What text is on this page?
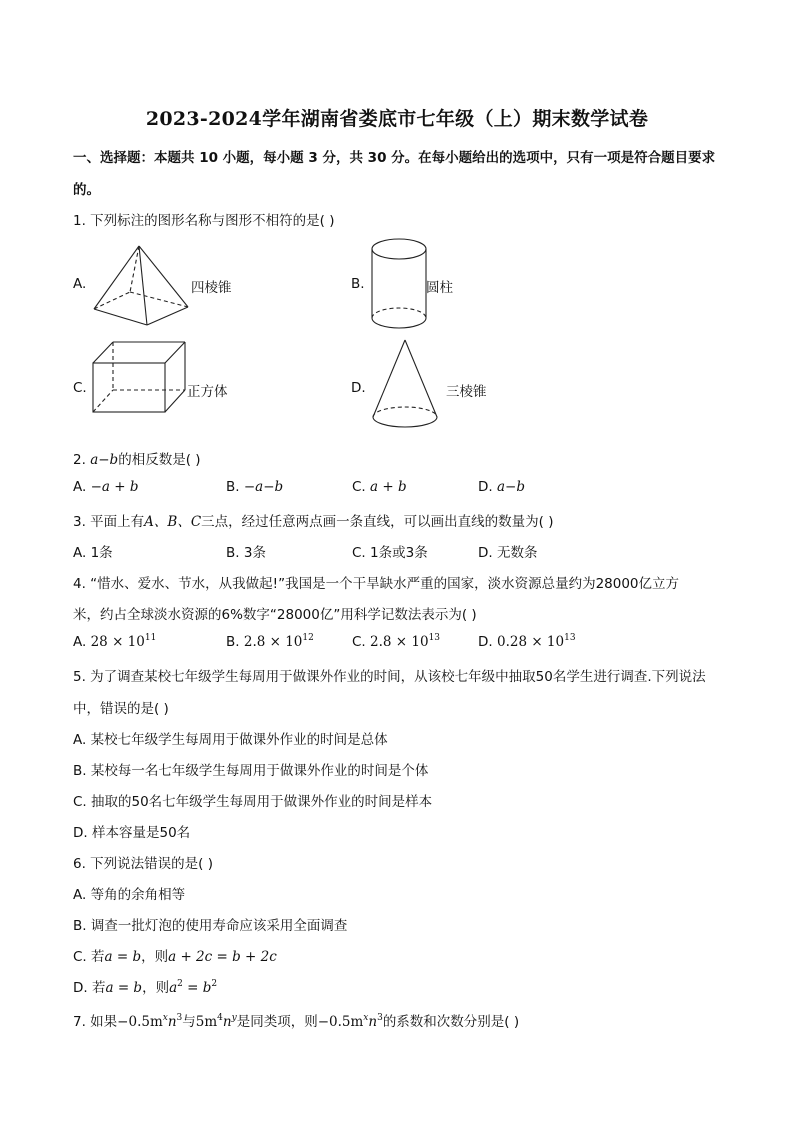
2023-2024学年湖南省娄底市七年级（上）期末数学试卷
一、选择题：本题共 10 小题，每小题 3 分，共 30 分。在每小题给出的选项中，只有一项是符合题目要求
的。
1. 下列标注的图形名称与图形不相符的是( )
A.	四棱锥	B.	圆柱
C.	正方体	D.	三棱锥
2. a−b的相反数是( )
A. −a + b	B. −a−b	C. a + b	D. a−b
3. 平面上有A、B、C三点，经过任意两点画一条直线，可以画出直线的数量为( )
A. 1条	B. 3条	C. 1条或3条	D. 无数条
4. “惜水、爱水、节水，从我做起!”我国是一个干旱缺水严重的国家，淡水资源总量约为28000亿立方
米，约占全球淡水资源的6%数字“28000亿”用科学记数法表示为( )
A. $28 \times 10^{11}$	B. $2.8 \times 10^{12}$	C. $2.8 \times 10^{13}$	D. $0.28 \times 10^{13}$
5. 为了调查某校七年级学生每周用于做课外作业的时间，从该校七年级中抽取50名学生进行调查.下列说法
中，错误的是( )
A. 某校七年级学生每周用于做课外作业的时间是总体
B. 某校每一名七年级学生每周用于做课外作业的时间是个体
C. 抽取的50名七年级学生每周用于做课外作业的时间是样本
D. 样本容量是50名
6. 下列说法错误的是( )
A. 等角的余角相等
B. 调查一批灯泡的使用寿命应该采用全面调查
C. 若a = b，则a + 2c = b + 2c
D. 若a = b，则$a^2 = b^2$
7. 如果$-0.5m^xn^3$与$5m^4n^y$是同类项，则$-0.5m^xn^3$的系数和次数分别是( )
